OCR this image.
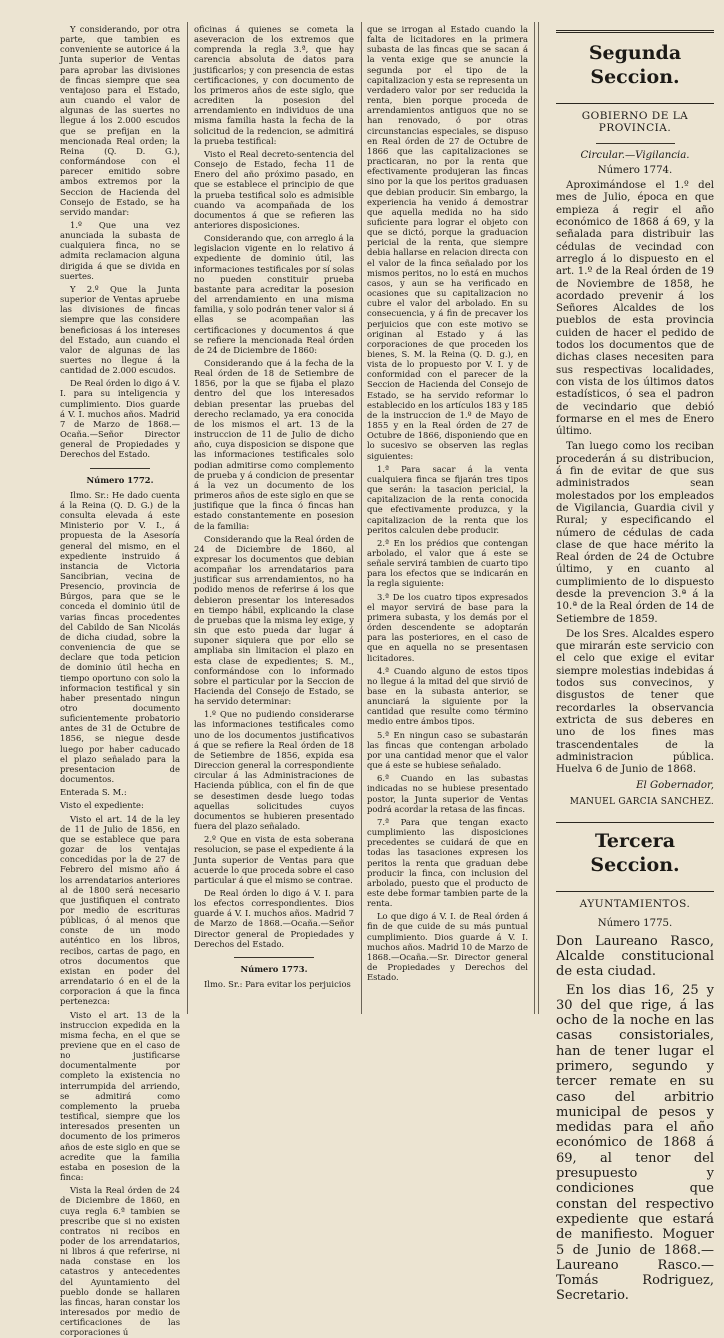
Y considerando, por otra parte, que tambien es conveniente se autorice á la Junta superior de Ventas para aprobar las divisiones de fincas siempre que sea ventajoso para el Estado, aun cuando el valor de algunas de las suertes no llegue á los 2.000 escudos que se prefijan en la mencionada Real orden; la Reina (Q. D. G.), conformándose con el parecer emitido sobre ambos extremos por la Seccion de Hacienda del Consejo de Estado, se ha servido mandar:

1.º Que una vez anunciada la subasta de cualquiera finca, no se admita reclamacion alguna dirigida á que se divida en suertes.

Y 2.º Que la Junta superior de Ventas apruebe las divisiones de fincas siempre que las considere beneficiosas á los intereses del Estado, aun cuando el valor de algunas de las suertes no llegue á la cantidad de 2.000 escudos.

De Real órden lo digo á V. I. para su inteligencia y cumplimiento. Dios guarde á V. I. muchos años. Madrid 7 de Marzo de 1868.—Ocaña.—Señor Director general de Propiedades y Derechos del Estado.

Número 1772.

Ilmo. Sr.: He dado cuenta á la Reina (Q. D. G.) de la consulta elevada á este Ministerio por V. I., á propuesta de la Asesoría general del mismo, en el expediente instruido á instancia de Victoria Sancibrian, vecina de Presencio, provincia de Búrgos, para que se le conceda el dominio útil de varias fincas procedentes del Cabildo de San Nicolás de dicha ciudad, sobre la conveniencia de que se declare que toda peticion de dominio útil hecha en tiempo oportuno con solo la informacion testifical y sin haber presentado ningun otro documento suficientemente probatorio antes de 31 de Octubre de 1856, se niegue desde luego por haber caducado el plazo señalado para la presentacion de documentos.

Enterada S. M.:

Visto el expediente:

Visto el art. 14 de la ley de 11 de Julio de 1856, en que se establece que para gozar de los ventajas concedidas por la de 27 de Febrero del mismo año á los arrendatarios anteriores al de 1800 será necesario que justifiquen el contrato por medio de escrituras públicas, ó al menos que conste de un modo auténtico en los libros, recibos, cartas de pago, en otros documentos que existan en poder del arrendatario ó en el de la corporacion á que la finca pertenezca:

Visto el art. 13 de la instruccion expedida en la misma fecha, en el que se previene que en el caso de no justificarse documentalmente por completo la existencia no interrumpida del arriendo, se admitirá como complemento la prueba testifical, siempre que los interesados presenten un documento de los primeros años de este siglo en que se acredite que la familia estaba en posesion de la finca:

Vista la Real órden de 24 de Diciembre de 1860, en cuya regla 6.ª tambien se prescribe que si no existen contratos ni recibos en poder de los arrendatarios, ni libros á que referirse, ni nada constase en los catastros y antecedentes del Ayuntamiento del pueblo donde se hallaren las fincas, haran constar los interesados por medio de certificaciones de las corporaciones ú

oficinas á quienes se cometa la aseveracion de los extremos que comprenda la regla 3.ª, que hay carencia absoluta de datos para justificarlos; y con presencia de estas certificaciones, y con documento de los primeros años de este siglo, que acrediten la posesion del arrendamiento en individuos de una misma familia hasta la fecha de la solicitud de la redencion, se admitirá la prueba testifical:

Visto el Real decreto-sentencia del Consejo de Estado, fecha 11 de Enero del año próximo pasado, en que se establece el principio de que la prueba testifical solo es admisible cuando va acompañada de los documentos á que se refieren las anteriores disposiciones.

Considerando que, con arreglo á la legislacion vigente en lo relativo á expediente de dominio útil, las informaciones testificales por sí solas no pueden constituir prueba bastante para acreditar la posesion del arrendamiento en una misma familia, y solo podrán tener valor si á ellas se acompañan las certificaciones y documentos á que se refiere la mencionada Real órden de 24 de Diciembre de 1860:

Considerando que á la fecha de la Real órden de 18 de Setiembre de 1856, por la que se fijaba el plazo dentro del que los interesados debian presentar las pruebas del derecho reclamado, ya era conocida de los mismos el art. 13 de la instruccion de 11 de Julio de dicho año, cuya disposicion se dispone que las informaciones testificales solo podian admitirse como complemento de prueba y á condicion de presentar á la vez un documento de los primeros años de este siglo en que se justifique que la finca ó fincas han estado constantemente en posesion de la familia:

Considerando que la Real órden de 24 de Diciembre de 1860, al expresar los documentos que debian acompañar los arrendatarios para justificar sus arrendamientos, no ha podido menos de referirse á los que debieron presentar los interesados en tiempo hábil, explicando la clase de pruebas que la misma ley exige, y sin que esto pueda dar lugar á suponer siquiera que por ello se ampliaba sin limitacion el plazo en esta clase de expedientes; S. M., conformándose con lo informado sobre el particular por la Seccion de Hacienda del Consejo de Estado, se ha servido determinar:

1.º Que no pudiendo considerarse las informaciones testificales como uno de los documentos justificativos á que se refiere la Real órden de 18 de Setiembre de 1856, expida esa Direccion general la correspondiente circular á las Administraciones de Hacienda pública, con el fin de que se desestimen desde luego todas aquellas solicitudes cuyos documentos se hubieren presentado fuera del plazo señalado.

2.º Que en vista de esta soberana resolucion, se pase el expediente á la Junta superior de Ventas para que acuerde lo que proceda sobre el caso particular á que el mismo se contrae.

De Real órden lo digo á V. I. para los efectos correspondientes. Dios guarde á V. I. muchos años. Madrid 7 de Marzo de 1868.—Ocaña.—Señor Director general de Propiedades y Derechos del Estado.

Número 1773.

Ilmo. Sr.: Para evitar los perjuicios

que se irrogan al Estado cuando la falta de licitadores en la primera subasta de las fincas que se sacan á la venta exige que se anuncie la segunda por el tipo de la capitalizacion y esta se representa un verdadero valor por ser reducida la renta, bien porque proceda de arrendamientos antiguos que no se han renovado, ó por otras circunstancias especiales, se dispuso en Real órden de 27 de Octubre de 1866 que las capitalizaciones se practicaran, no por la renta que efectivamente produjeran las fincas sino por la que los peritos graduasen que debian producir. Sin embargo, la experiencia ha venido á demostrar que aquella medida no ha sido suficiente para lograr el objeto con que se dictó, porque la graduacion pericial de la renta, que siempre debia hallarse en relacion directa con el valor de la finca señalado por los mismos peritos, no lo está en muchos casos, y aun se ha verificado en ocasiones que su capitalizacion no cubre el valor del arbolado. En su consecuencia, y á fin de precaver los perjuicios que con este motivo se originan al Estado y á las corporaciones de que proceden los bienes, S. M. la Reina (Q. D. g.), en vista de lo propuesto por V. I. y de conformidad con el parecer de la Seccion de Hacienda del Consejo de Estado, se ha servido reformar lo establecido en los artículos 183 y 185 de la instruccion de 1.º de Mayo de 1855 y en la Real órden de 27 de Octubre de 1866, disponiendo que en lo sucesivo se observen las reglas siguientes:

1.ª Para sacar á la venta cualquiera finca se fijarán tres tipos que serán: la tasacion pericial, la capitalizacion de la renta conocida que efectivamente produzca, y la capitalizacion de la renta que los peritos calculen debe producir.

2.ª En los prédios que contengan arbolado, el valor que á este se señale servirá tambien de cuarto tipo para los efectos que se indicarán en la regla siguiente:

3.ª De los cuatro tipos expresados el mayor servirá de base para la primera subasta, y los demás por el órden descendente se adoptarán para las posteriores, en el caso de que en aquella no se presentasen licitadores.

4.ª Cuando alguno de estos tipos no llegue á la mitad del que sirvió de base en la subasta anterior, se anunciará la siguiente por la cantidad que resulte como término medio entre ámbos tipos.

5.ª En ningun caso se subastarán las fincas que contengan arbolado por una cantidad menor que el valor que á este se hubiese señalado.

6.ª Cuando en las subastas indicadas no se hubiese presentado postor, la Junta superior de Ventas podrá acordar la retasa de las fincas.

7.ª Para que tengan exacto cumplimiento las disposiciones precedentes se cuidará de que en todas las tasaciones expresen los peritos la renta que graduan debe producir la finca, con inclusion del arbolado, puesto que el producto de este debe formar tambien parte de la renta.

Lo que digo á V. I. de Real órden á fin de que cuide de su más puntual cumplimiento. Dios guarde á V. I. muchos años. Madrid 10 de Marzo de 1868.—Ocaña.—Sr. Director general de Propiedades y Derechos del Estado.

Segunda Seccion.

GOBIERNO DE LA PROVINCIA.

Circular.—Vigilancia.

Número 1774.

Aproximándose el 1.º del mes de Julio, época en que empieza á regir el año económico de 1868 á 69, y la señalada para distribuir las cédulas de vecindad con arreglo á lo dispuesto en el art. 1.º de la Real órden de 19 de Noviembre de 1858, he acordado prevenir á los Señores Alcaldes de los pueblos de esta provincia cuiden de hacer el pedido de todos los documentos que de dichas clases necesiten para sus respectivas localidades, con vista de los últimos datos estadísticos, ó sea el padron de vecindario que debió formarse en el mes de Enero último.

Tan luego como los reciban procederán á su distribucion, á fin de evitar de que sus administrados sean molestados por los empleados de Vigilancia, Guardia civil y Rural; y especificando el número de cédulas de cada clase de que hace mérito la Real órden de 24 de Octubre último, y en cuanto al cumplimiento de lo dispuesto desde la prevencion 3.ª á la 10.ª de la Real órden de 14 de Setiembre de 1859.

De los Sres. Alcaldes espero que mirarán este servicio con el celo que exige el evitar siempre molestias indebidas á todos sus convecinos, y disgustos de tener que recordarles la observancia extricta de sus deberes en uno de los fines mas trascendentales de la administracion pública. Huelva 6 de Junio de 1868.

El Gobernador,

MANUEL GARCIA SANCHEZ.

Tercera Seccion.

AYUNTAMIENTOS.

Número 1775.

Don Laureano Rasco, Alcalde constitucional de esta ciudad.

En los dias 16, 25 y 30 del que rige, á las ocho de la noche en las casas consistoriales, han de tener lugar el primero, segundo y tercer remate en su caso del arbitrio municipal de pesos y medidas para el año económico de 1868 á 69, al tenor del presupuesto y condiciones que constan del respectivo expediente que estará de manifiesto. Moguer 5 de Junio de 1868.—Laureano Rasco.—Tomás Rodriguez, Secretario.
